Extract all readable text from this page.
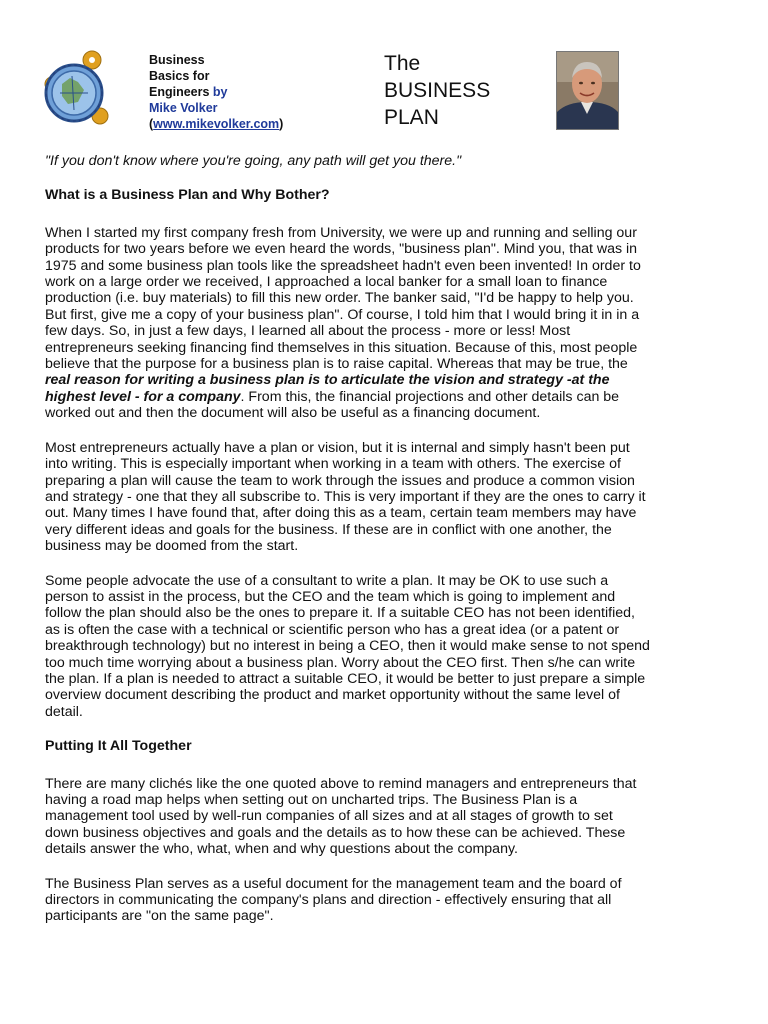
Business
Basics for
Engineers by
Mike Volker
(www.mikevolker.com)
The
BUSINESS
PLAN

"If you don't know where you're going, any path will get you there."

What is a Business Plan and Why Bother?

When I started my first company fresh from University, we were up and running and selling our products for two years before we even heard the words, "business plan". Mind you, that was in 1975 and some business plan tools like the spreadsheet hadn't even been invented! In order to work on a large order we received, I approached a local banker for a small loan to finance production (i.e. buy materials) to fill this new order. The banker said, "I'd be happy to help you. But first, give me a copy of your business plan". Of course, I told him that I would bring it in in a few days. So, in just a few days, I learned all about the process - more or less! Most entrepreneurs seeking financing find themselves in this situation. Because of this, most people believe that the purpose for a business plan is to raise capital. Whereas that may be true, the real reason for writing a business plan is to articulate the vision and strategy -at the highest level - for a company. From this, the financial projections and other details can be worked out and then the document will also be useful as a financing document.

Most entrepreneurs actually have a plan or vision, but it is internal and simply hasn't been put into writing. This is especially important when working in a team with others. The exercise of preparing a plan will cause the team to work through the issues and produce a common vision and strategy - one that they all subscribe to. This is very important if they are the ones to carry it out. Many times I have found that, after doing this as a team, certain team members may have very different ideas and goals for the business. If these are in conflict with one another, the business may be doomed from the start.

Some people advocate the use of a consultant to write a plan. It may be OK to use such a person to assist in the process, but the CEO and the team which is going to implement and follow the plan should also be the ones to prepare it. If a suitable CEO has not been identified, as is often the case with a technical or scientific person who has a great idea (or a patent or breakthrough technology) but no interest in being a CEO, then it would make sense to not spend too much time worrying about a business plan. Worry about the CEO first. Then s/he can write the plan. If a plan is needed to attract a suitable CEO, it would be better to just prepare a simple overview document describing the product and market opportunity without the same level of detail.

Putting It All Together

There are many clichés like the one quoted above to remind managers and entrepreneurs that having a road map helps when setting out on uncharted trips. The Business Plan is a management tool used by well-run companies of all sizes and at all stages of growth to set down business objectives and goals and the details as to how these can be achieved. These details answer the who, what, when and why questions about the company.

The Business Plan serves as a useful document for the management team and the board of directors in communicating the company's plans and direction - effectively ensuring that all participants are "on the same page".
